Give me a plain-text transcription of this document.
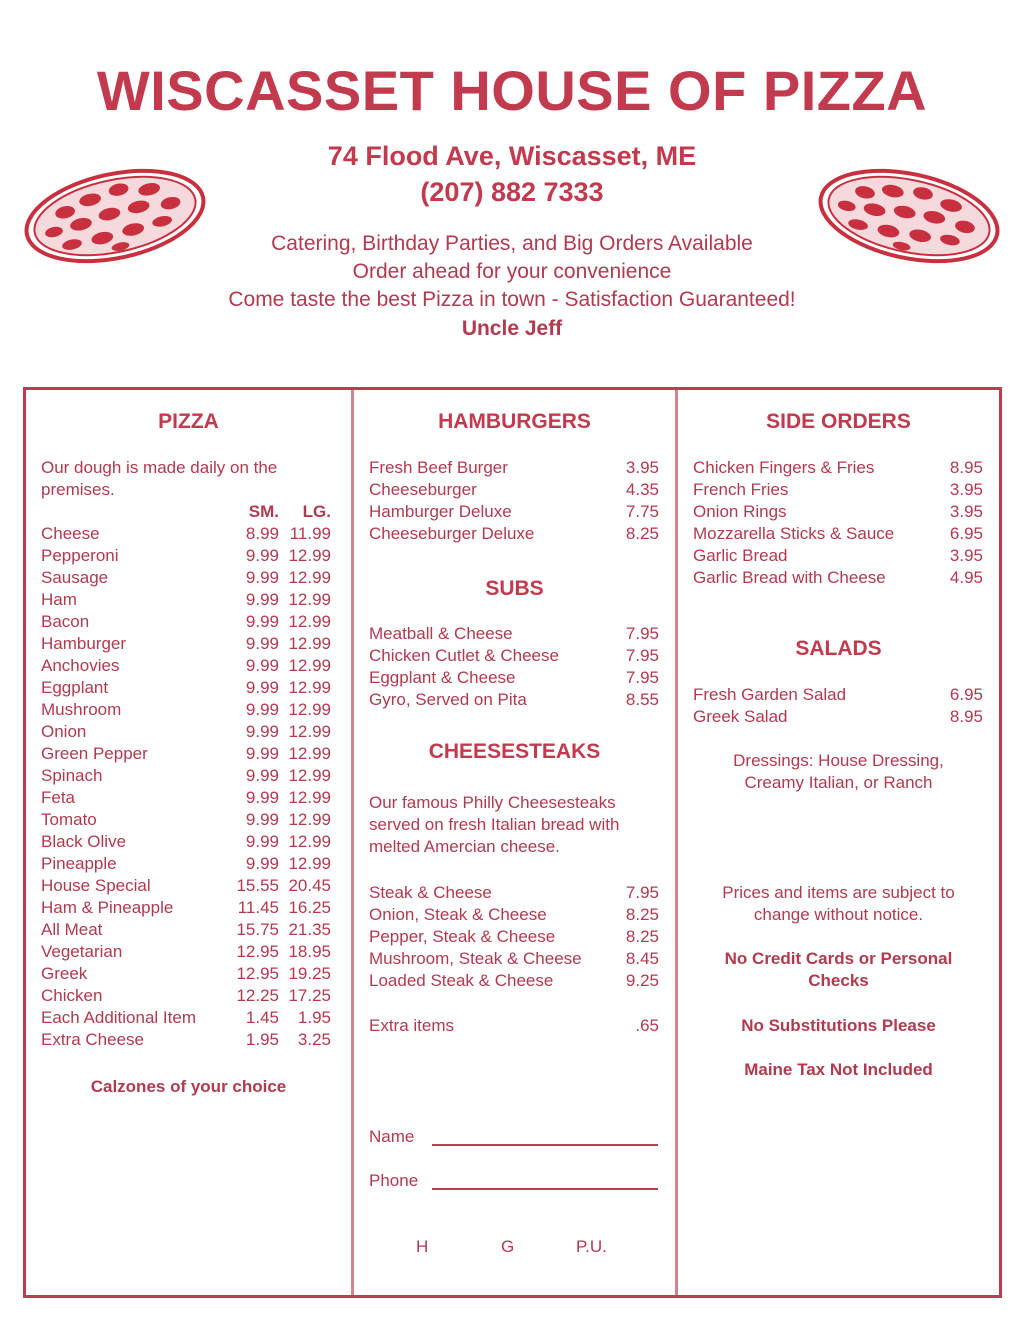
WISCASSET HOUSE OF PIZZA
74 Flood Ave, Wiscasset, ME
(207) 882 7333
Catering, Birthday Parties, and Big Orders Available
Order ahead for your convenience
Come taste the best Pizza in town - Satisfaction Guaranteed!
Uncle Jeff
PIZZA
Our dough is made daily on the
premises.
SM. LG.
Cheese	8.99 11.99
Pepperoni	9.99 12.99
Sausage	9.99 12.99
Ham	9.99 12.99
Bacon	9.99 12.99
Hamburger	9.99 12.99
Anchovies	9.99 12.99
Eggplant	9.99 12.99
Mushroom	9.99 12.99
Onion	9.99 12.99
Green Pepper	9.99 12.99
Spinach	9.99 12.99
Feta	9.99 12.99
Tomato	9.99 12.99
Black Olive	9.99 12.99
Pineapple	9.99 12.99
House Special	15.55 20.45
Ham & Pineapple	11.45 16.25
All Meat	15.75 21.35
Vegetarian	12.95 18.95
Greek	12.95 19.25
Chicken	12.25 17.25
Each Additional Item	1.45 1.95
Extra Cheese	1.95 3.25
Calzones of your choice
HAMBURGERS
Fresh Beef Burger	3.95
Cheeseburger	4.35
Hamburger Deluxe	7.75
Cheeseburger Deluxe	8.25
SUBS
Meatball & Cheese	7.95
Chicken Cutlet & Cheese	7.95
Eggplant & Cheese	7.95
Gyro, Served on Pita	8.55
CHEESESTEAKS
Our famous Philly Cheesesteaks
served on fresh Italian bread with
melted Amercian cheese.
Steak & Cheese	7.95
Onion, Steak & Cheese	8.25
Pepper, Steak & Cheese	8.25
Mushroom, Steak & Cheese	8.45
Loaded Steak & Cheese	9.25
Extra items	.65
Name
Phone
H	G	P.U.
SIDE ORDERS
Chicken Fingers & Fries	8.95
French Fries	3.95
Onion Rings	3.95
Mozzarella Sticks & Sauce	6.95
Garlic Bread	3.95
Garlic Bread with Cheese	4.95
SALADS
Fresh Garden Salad	6.95
Greek Salad	8.95
Dressings: House Dressing,
Creamy Italian, or Ranch
Prices and items are subject to
change without notice.
No Credit Cards or Personal
Checks
No Substitutions Please
Maine Tax Not Included
